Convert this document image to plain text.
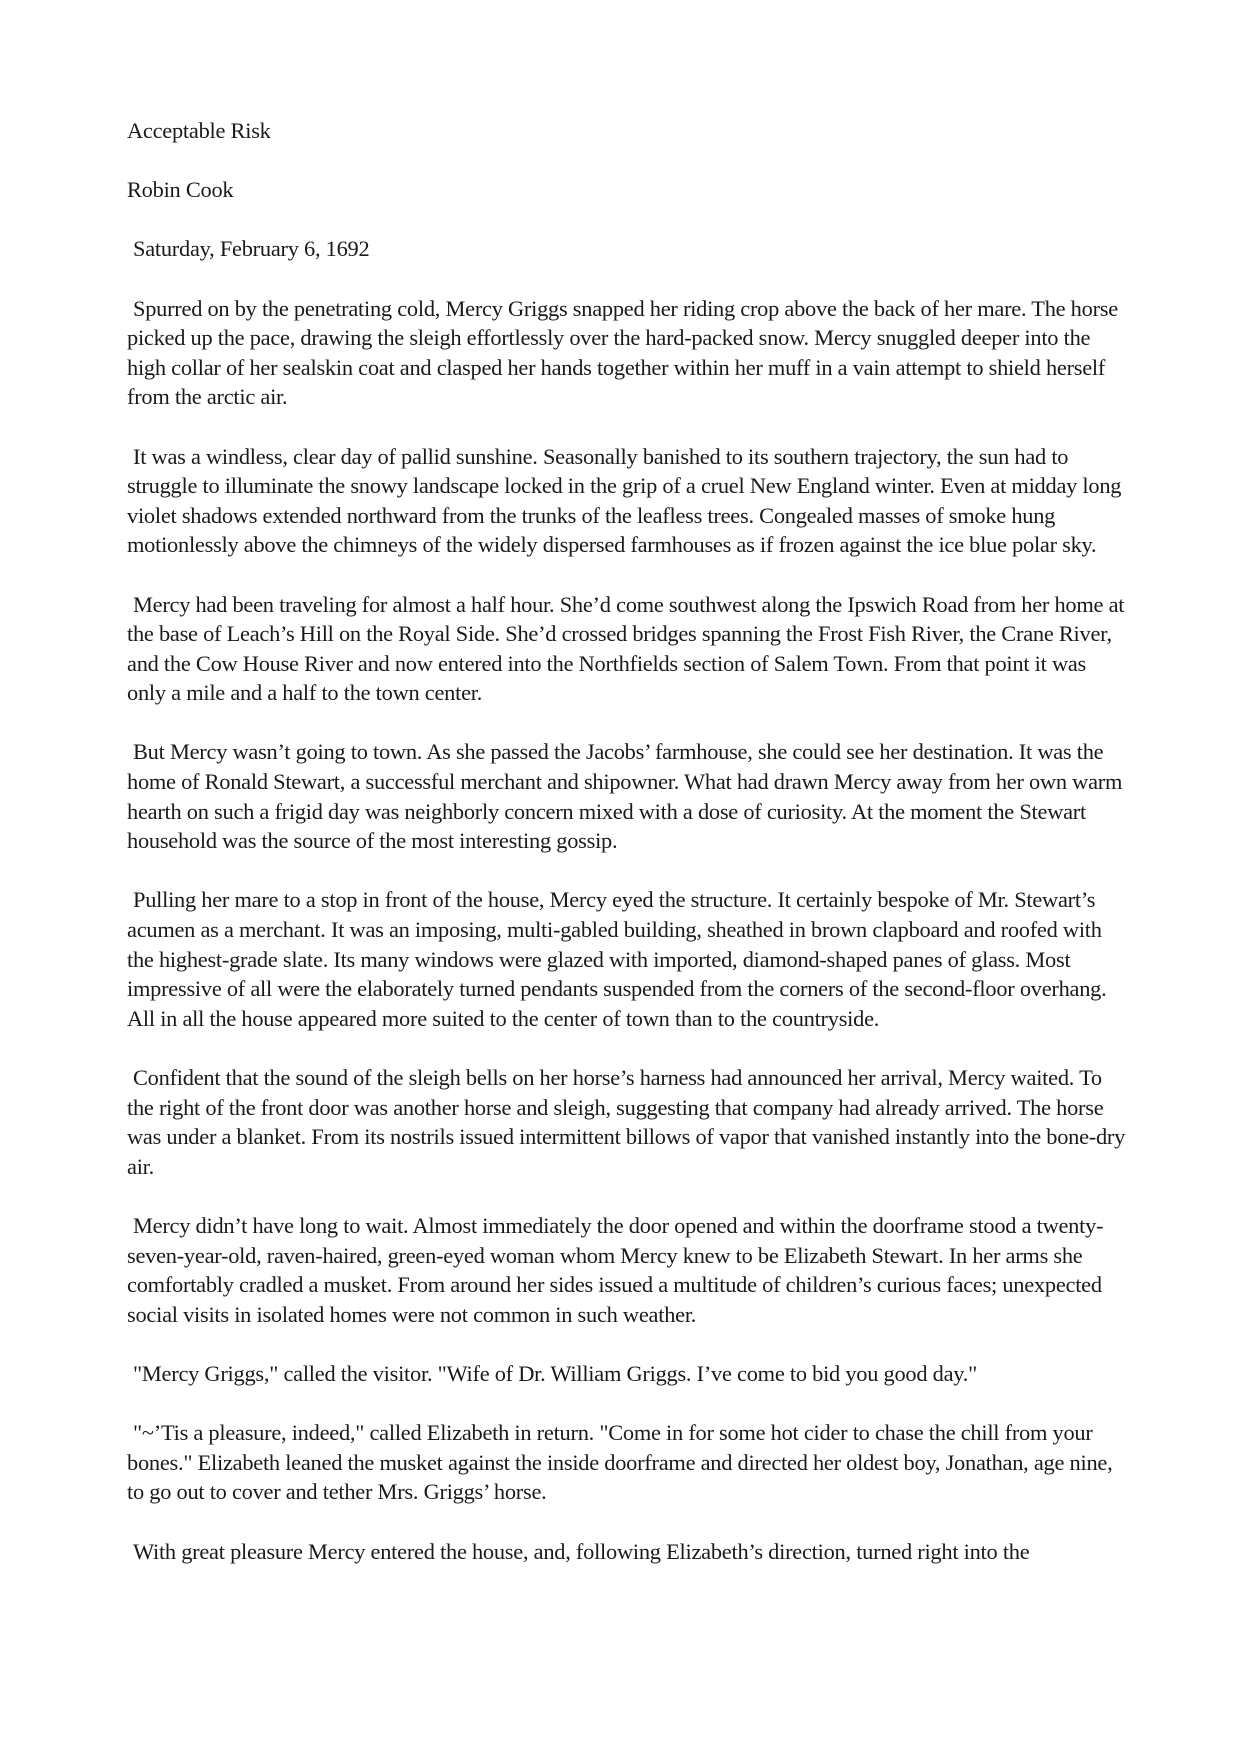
Acceptable Risk

Robin Cook

Saturday, February 6, 1692

Spurred on by the penetrating cold, Mercy Griggs snapped her riding crop above the back of her mare. The horse picked up the pace, drawing the sleigh effortlessly over the hard-packed snow. Mercy snuggled deeper into the high collar of her sealskin coat and clasped her hands together within her muff in a vain attempt to shield herself from the arctic air.

It was a windless, clear day of pallid sunshine. Seasonally banished to its southern trajectory, the sun had to struggle to illuminate the snowy landscape locked in the grip of a cruel New England winter. Even at midday long violet shadows extended northward from the trunks of the leafless trees. Congealed masses of smoke hung motionlessly above the chimneys of the widely dispersed farmhouses as if frozen against the ice blue polar sky.

Mercy had been traveling for almost a half hour. She’d come southwest along the Ipswich Road from her home at the base of Leach’s Hill on the Royal Side. She’d crossed bridges spanning the Frost Fish River, the Crane River, and the Cow House River and now entered into the Northfields section of Salem Town. From that point it was only a mile and a half to the town center.

But Mercy wasn’t going to town. As she passed the Jacobs’ farmhouse, she could see her destination. It was the home of Ronald Stewart, a successful merchant and shipowner. What had drawn Mercy away from her own warm hearth on such a frigid day was neighborly concern mixed with a dose of curiosity. At the moment the Stewart household was the source of the most interesting gossip.

Pulling her mare to a stop in front of the house, Mercy eyed the structure. It certainly bespoke of Mr. Stewart’s acumen as a merchant. It was an imposing, multi-gabled building, sheathed in brown clapboard and roofed with the highest-grade slate. Its many windows were glazed with imported, diamond-shaped panes of glass. Most impressive of all were the elaborately turned pendants suspended from the corners of the second-floor overhang. All in all the house appeared more suited to the center of town than to the countryside.

Confident that the sound of the sleigh bells on her horse’s harness had announced her arrival, Mercy waited. To the right of the front door was another horse and sleigh, suggesting that company had already arrived. The horse was under a blanket. From its nostrils issued intermittent billows of vapor that vanished instantly into the bone-dry air.

Mercy didn’t have long to wait. Almost immediately the door opened and within the doorframe stood a twenty-seven-year-old, raven-haired, green-eyed woman whom Mercy knew to be Elizabeth Stewart. In her arms she comfortably cradled a musket. From around her sides issued a multitude of children’s curious faces; unexpected social visits in isolated homes were not common in such weather.

"Mercy Griggs," called the visitor. "Wife of Dr. William Griggs. I’ve come to bid you good day."

"~’Tis a pleasure, indeed," called Elizabeth in return. "Come in for some hot cider to chase the chill from your bones." Elizabeth leaned the musket against the inside doorframe and directed her oldest boy, Jonathan, age nine, to go out to cover and tether Mrs. Griggs’ horse.

With great pleasure Mercy entered the house, and, following Elizabeth’s direction, turned right into the
